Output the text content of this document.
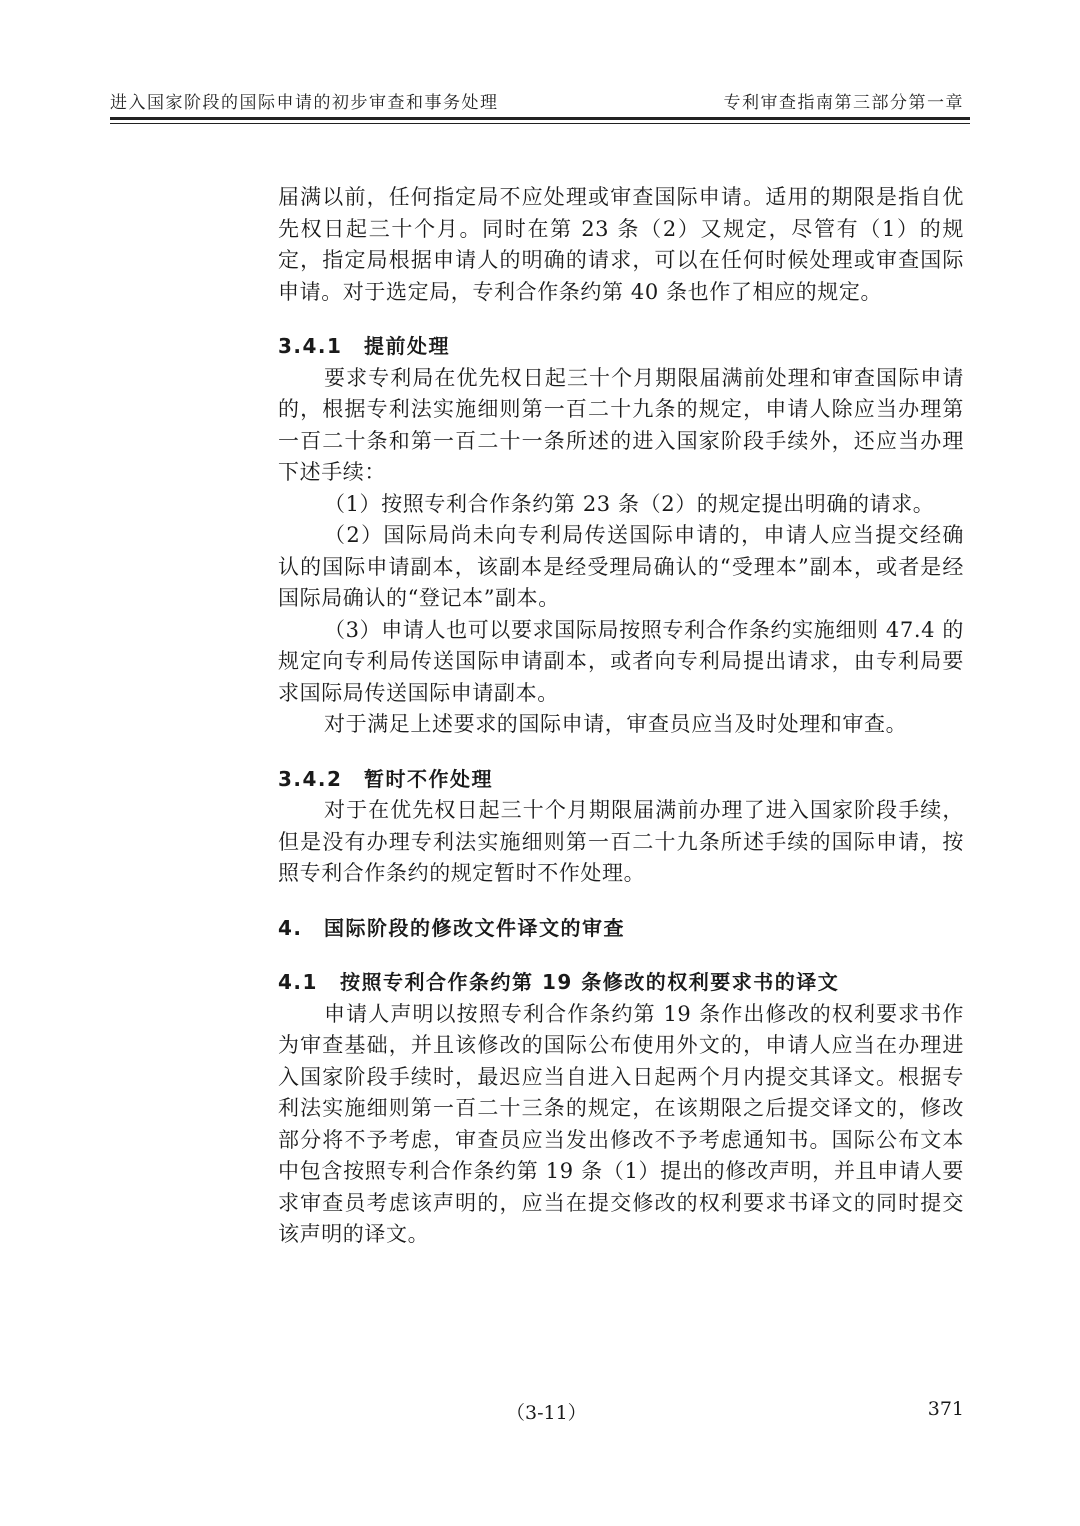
进入国家阶段的国际申请的初步审查和事务处理	专利审查指南第三部分第一章

届满以前，任何指定局不应处理或审查国际申请。适用的期限是指自优先权日起三十个月。同时在第 23 条（2）又规定，尽管有（1）的规定，指定局根据申请人的明确的请求，可以在任何时候处理或审查国际申请。对于选定局，专利合作条约第 40 条也作了相应的规定。

3.4.1 提前处理

要求专利局在优先权日起三十个月期限届满前处理和审查国际申请的，根据专利法实施细则第一百二十九条的规定，申请人除应当办理第一百二十条和第一百二十一条所述的进入国家阶段手续外，还应当办理下述手续：

（1）按照专利合作条约第 23 条（2）的规定提出明确的请求。

（2）国际局尚未向专利局传送国际申请的，申请人应当提交经确认的国际申请副本，该副本是经受理局确认的“受理本”副本，或者是经国际局确认的“登记本”副本。

（3）申请人也可以要求国际局按照专利合作条约实施细则 47.4 的规定向专利局传送国际申请副本，或者向专利局提出请求，由专利局要求国际局传送国际申请副本。

对于满足上述要求的国际申请，审查员应当及时处理和审查。

3.4.2 暂时不作处理

对于在优先权日起三十个月期限届满前办理了进入国家阶段手续，但是没有办理专利法实施细则第一百二十九条所述手续的国际申请，按照专利合作条约的规定暂时不作处理。

4. 国际阶段的修改文件译文的审查

4.1 按照专利合作条约第 19 条修改的权利要求书的译文

申请人声明以按照专利合作条约第 19 条作出修改的权利要求书作为审查基础，并且该修改的国际公布使用外文的，申请人应当在办理进入国家阶段手续时，最迟应当自进入日起两个月内提交其译文。根据专利法实施细则第一百二十三条的规定，在该期限之后提交译文的，修改部分将不予考虑，审查员应当发出修改不予考虑通知书。国际公布文本中包含按照专利合作条约第 19 条（1）提出的修改声明，并且申请人要求审查员考虑该声明的，应当在提交修改的权利要求书译文的同时提交该声明的译文。

（3-11）	371
